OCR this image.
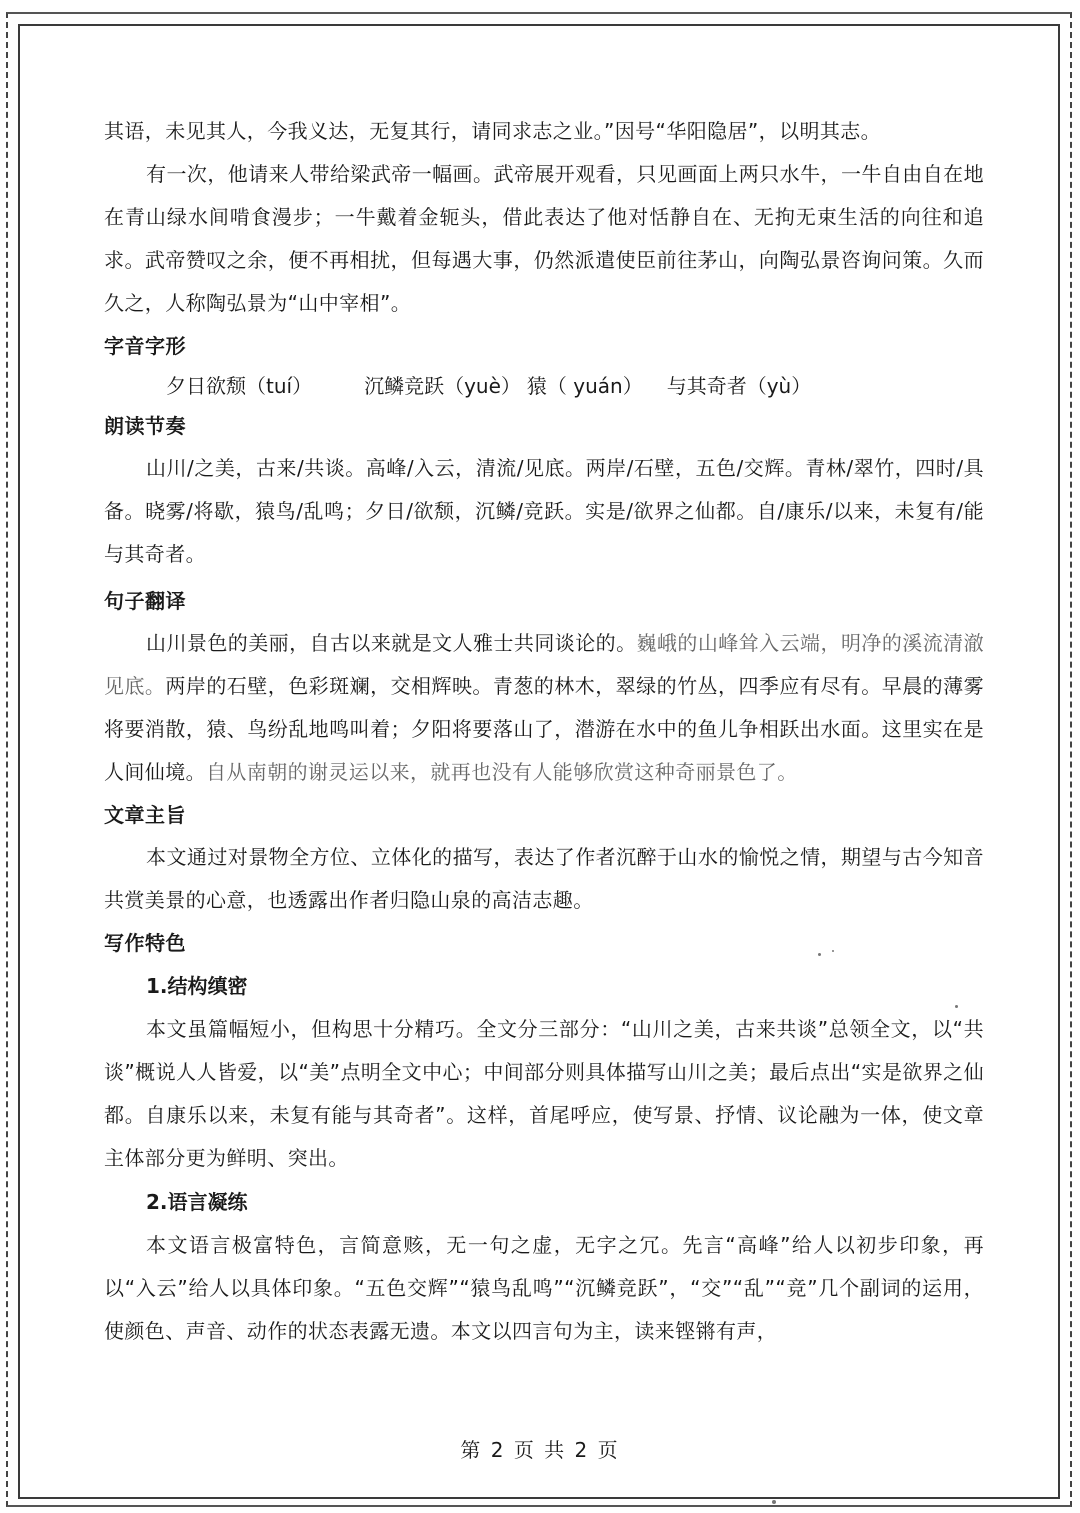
其语，未见其人，今我义达，无复其行，请同求志之业。”因号“华阳隐居”，以明其志。

有一次，他请来人带给梁武帝一幅画。武帝展开观看，只见画面上两只水牛，一牛自由自在地在青山绿水间啃食漫步；一牛戴着金轭头，借此表达了他对恬静自在、无拘无束生活的向往和追求。武帝赞叹之余，便不再相扰，但每遇大事，仍然派遣使臣前往茅山，向陶弘景咨询问策。久而久之，人称陶弘景为“山中宰相”。

字音字形
夕日欲颓（tuí）	沉鳞竞跃（yuè） 猿（ yuán） 与其奇者（yù）
朗读节奏

山川/之美，古来/共谈。高峰/入云，清流/见底。两岸/石壁，五色/交辉。青林/翠竹，四时/具备。晓雾/将歇，猿鸟/乱鸣；夕日/欲颓，沉鳞/竞跃。实是/欲界之仙都。自/康乐/以来，未复有/能与其奇者。

句子翻译

山川景色的美丽，自古以来就是文人雅士共同谈论的。巍峨的山峰耸入云端，明净的溪流清澈见底。两岸的石壁，色彩斑斓，交相辉映。青葱的林木，翠绿的竹丛，四季应有尽有。早晨的薄雾将要消散，猿、鸟纷乱地鸣叫着；夕阳将要落山了，潜游在水中的鱼儿争相跃出水面。这里实在是人间仙境。自从南朝的谢灵运以来，就再也没有人能够欣赏这种奇丽景色了。

文章主旨

本文通过对景物全方位、立体化的描写，表达了作者沉醉于山水的愉悦之情，期望与古今知音共赏美景的心意，也透露出作者归隐山泉的高洁志趣。

写作特色
1.结构缜密

本文虽篇幅短小，但构思十分精巧。全文分三部分：“山川之美，古来共谈”总领全文，以“共谈”概说人人皆爱，以“美”点明全文中心；中间部分则具体描写山川之美；最后点出“实是欲界之仙都。自康乐以来，未复有能与其奇者”。这样，首尾呼应，使写景、抒情、议论融为一体，使文章主体部分更为鲜明、突出。

2.语言凝练

本文语言极富特色，言简意赅，无一句之虚，无字之冗。先言“高峰”给人以初步印象，再以“入云”给人以具体印象。“五色交辉”“猿鸟乱鸣”“沉鳞竞跃”，“交”“乱”“竞”几个副词的运用，使颜色、声音、动作的状态表露无遗。本文以四言句为主，读来铿锵有声，

第 2 页 共 2 页
